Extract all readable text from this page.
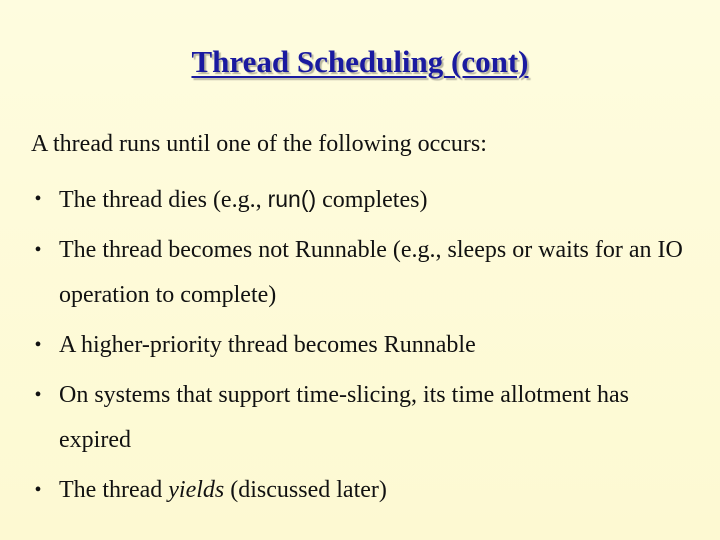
Thread Scheduling (cont)

A thread runs until one of the following occurs:

• The thread dies (e.g., run() completes)
• The thread becomes not Runnable (e.g., sleeps or waits for an IO operation to complete)
• A higher-priority thread becomes Runnable
• On systems that support time-slicing, its time allotment has expired
• The thread yields (discussed later)
